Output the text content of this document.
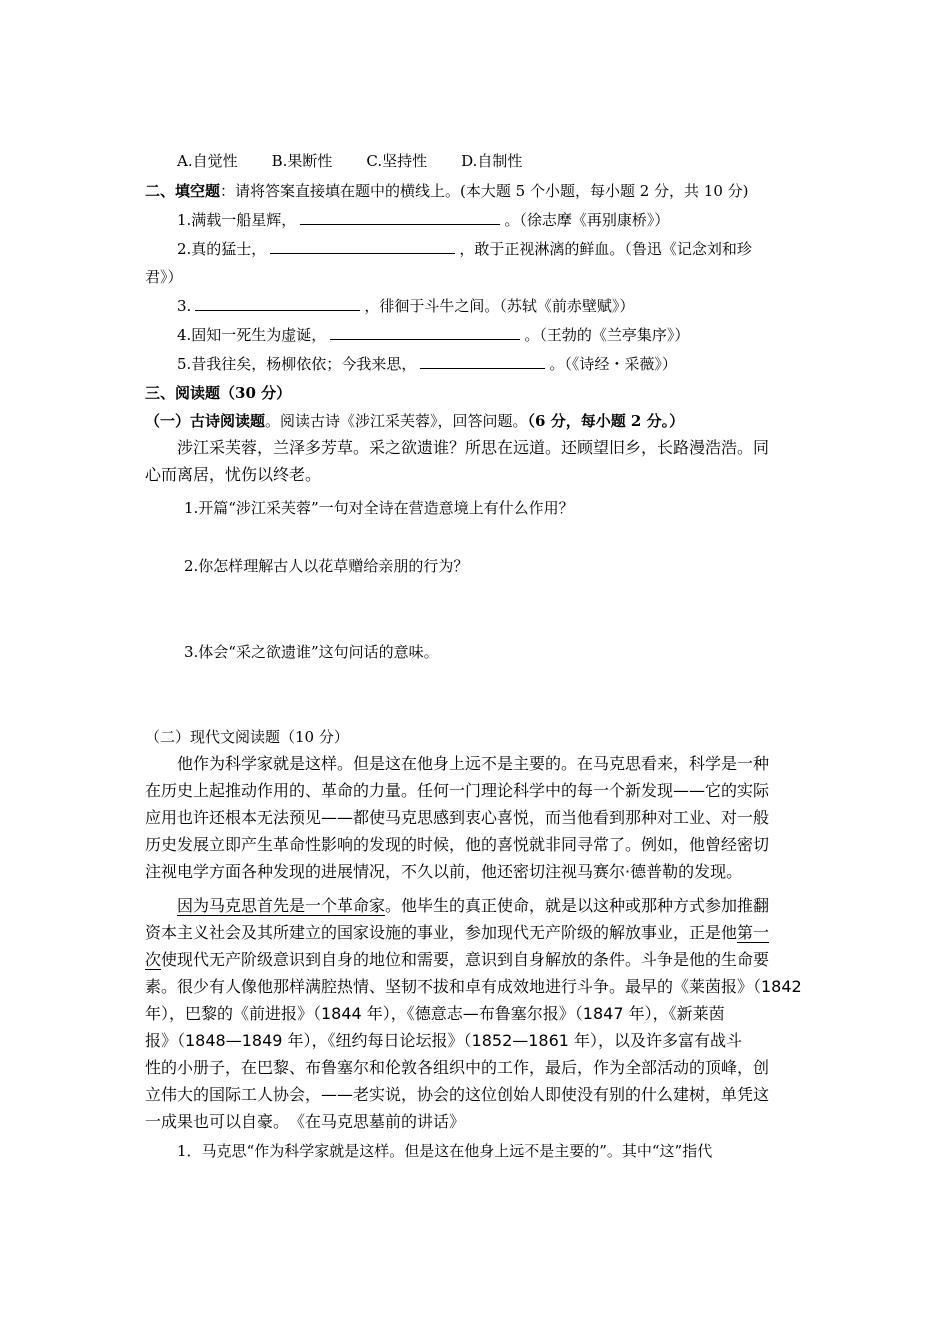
A.自觉性 B.果断性 C.坚持性 D.自制性
二、填空题：请将答案直接填在题中的横线上。(本大题 5 个小题，每小题 2 分，共 10 分)
1.满载一船星辉，	。（徐志摩《再别康桥》）
2.真的猛士，	，敢于正视淋漓的鲜血。（鲁迅《记念刘和珍
君》）
3.	，徘徊于斗牛之间。（苏轼《前赤壁赋》）
4.固知一死生为虚诞，	。（王勃的《兰亭集序》）
5.昔我往矣，杨柳依依；今我来思，	。（《诗经・采薇》）
三、阅读题（30 分）
（一）古诗阅读题。阅读古诗《涉江采芙蓉》，回答问题。（6 分，每小题 2 分。）
涉江采芙蓉，兰泽多芳草。采之欲遗谁？所思在远道。还顾望旧乡，长路漫浩浩。同
心而离居，忧伤以终老。
1.开篇“涉江采芙蓉”一句对全诗在营造意境上有什么作用？
2.你怎样理解古人以花草赠给亲朋的行为？
3.体会“采之欲遗谁”这句问话的意味。
（二）现代文阅读题（10 分）
他作为科学家就是这样。但是这在他身上远不是主要的。在马克思看来，科学是一种
在历史上起推动作用的、革命的力量。任何一门理论科学中的每一个新发现——它的实际
应用也许还根本无法预见——都使马克思感到衷心喜悦，而当他看到那种对工业、对一般
历史发展立即产生革命性影响的发现的时候，他的喜悦就非同寻常了。例如，他曾经密切
注视电学方面各种发现的进展情况，不久以前，他还密切注视马赛尔·德普勒的发现。
因为马克思首先是一个革命家。他毕生的真正使命，就是以这种或那种方式参加推翻
资本主义社会及其所建立的国家设施的事业，参加现代无产阶级的解放事业，正是他第一
次使现代无产阶级意识到自身的地位和需要，意识到自身解放的条件。斗争是他的生命要
素。很少有人像他那样满腔热情、坚韧不拔和卓有成效地进行斗争。最早的《莱茵报》（1842
年），巴黎的《前进报》（1844 年），《德意志—布鲁塞尔报》（1847 年），《新莱茵
报》（1848—1849 年），《纽约每日论坛报》（1852—1861 年），以及许多富有战斗
性的小册子，在巴黎、布鲁塞尔和伦敦各组织中的工作，最后，作为全部活动的顶峰，创
立伟大的国际工人协会，——老实说，协会的这位创始人即使没有别的什么建树，单凭这
一成果也可以自豪。　《在马克思墓前的讲话》
1．马克思“作为科学家就是这样。但是这在他身上远不是主要的”。其中“这”指代
